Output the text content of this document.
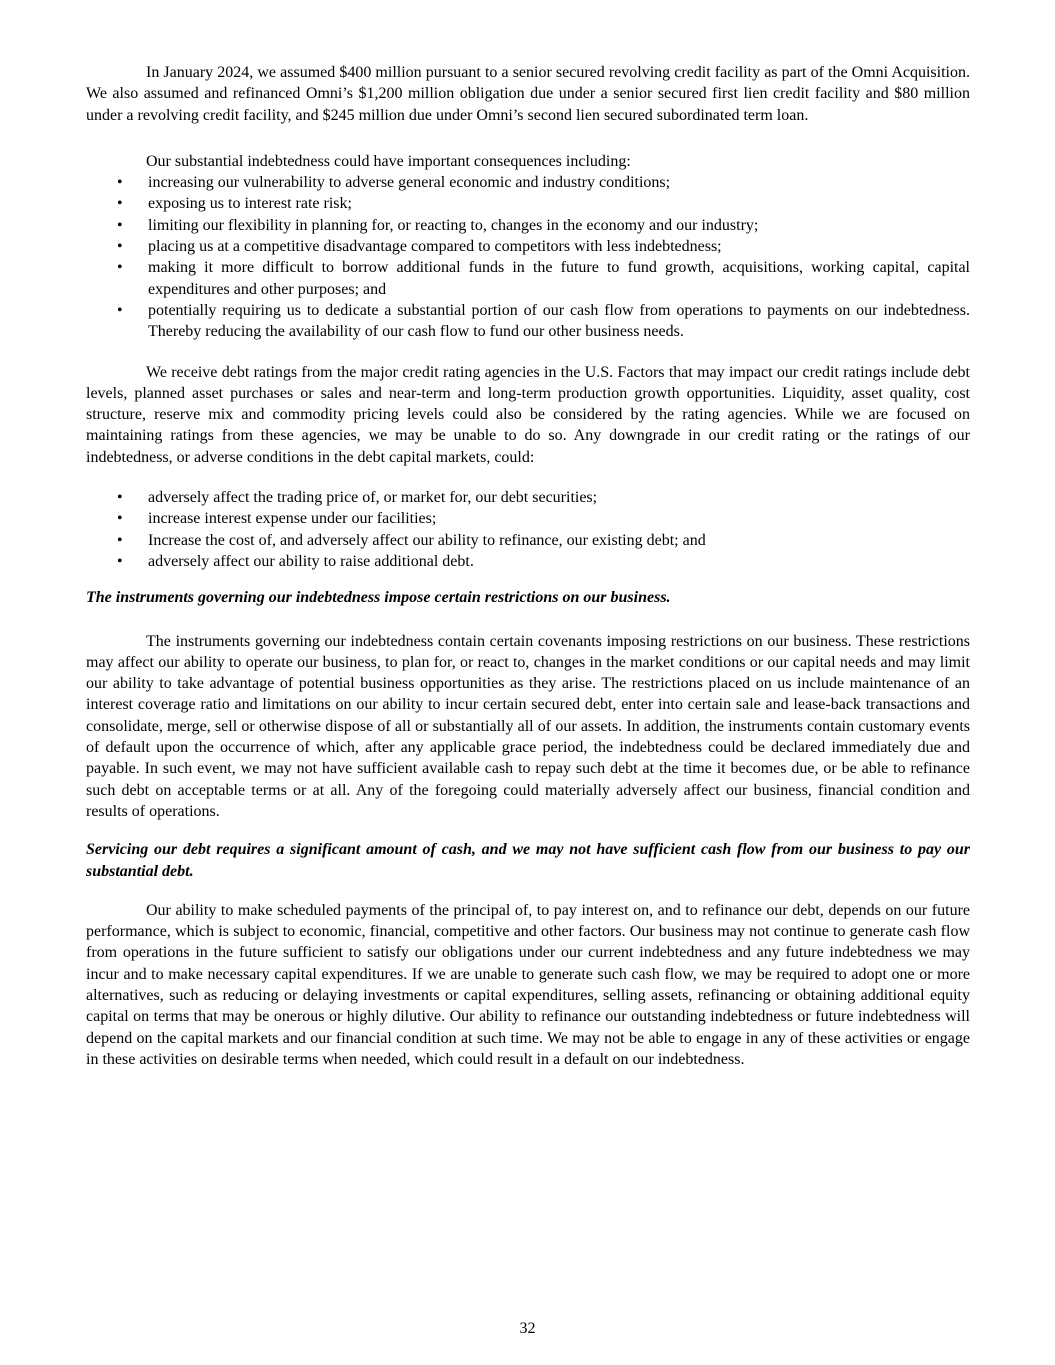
In January 2024, we assumed $400 million pursuant to a senior secured revolving credit facility as part of the Omni Acquisition. We also assumed and refinanced Omni’s $1,200 million obligation due under a senior secured first lien credit facility and $80 million under a revolving credit facility, and $245 million due under Omni’s second lien secured subordinated term loan.

Our substantial indebtedness could have important consequences including:

•	increasing our vulnerability to adverse general economic and industry conditions;
•	exposing us to interest rate risk;
•	limiting our flexibility in planning for, or reacting to, changes in the economy and our industry;
•	placing us at a competitive disadvantage compared to competitors with less indebtedness;
•	making it more difficult to borrow additional funds in the future to fund growth, acquisitions, working capital, capital expenditures and other purposes; and
•	potentially requiring us to dedicate a substantial portion of our cash flow from operations to payments on our indebtedness. Thereby reducing the availability of our cash flow to fund our other business needs.

We receive debt ratings from the major credit rating agencies in the U.S. Factors that may impact our credit ratings include debt levels, planned asset purchases or sales and near-term and long-term production growth opportunities. Liquidity, asset quality, cost structure, reserve mix and commodity pricing levels could also be considered by the rating agencies. While we are focused on maintaining ratings from these agencies, we may be unable to do so. Any downgrade in our credit rating or the ratings of our indebtedness, or adverse conditions in the debt capital markets, could:

•	adversely affect the trading price of, or market for, our debt securities;
•	increase interest expense under our facilities;
•	Increase the cost of, and adversely affect our ability to refinance, our existing debt; and
•	adversely affect our ability to raise additional debt.
The instruments governing our indebtedness impose certain restrictions on our business.

The instruments governing our indebtedness contain certain covenants imposing restrictions on our business. These restrictions may affect our ability to operate our business, to plan for, or react to, changes in the market conditions or our capital needs and may limit our ability to take advantage of potential business opportunities as they arise. The restrictions placed on us include maintenance of an interest coverage ratio and limitations on our ability to incur certain secured debt, enter into certain sale and lease-back transactions and consolidate, merge, sell or otherwise dispose of all or substantially all of our assets. In addition, the instruments contain customary events of default upon the occurrence of which, after any applicable grace period, the indebtedness could be declared immediately due and payable. In such event, we may not have sufficient available cash to repay such debt at the time it becomes due, or be able to refinance such debt on acceptable terms or at all. Any of the foregoing could materially adversely affect our business, financial condition and results of operations.

Servicing our debt requires a significant amount of cash, and we may not have sufficient cash flow from our business to pay our substantial debt.

Our ability to make scheduled payments of the principal of, to pay interest on, and to refinance our debt, depends on our future performance, which is subject to economic, financial, competitive and other factors. Our business may not continue to generate cash flow from operations in the future sufficient to satisfy our obligations under our current indebtedness and any future indebtedness we may incur and to make necessary capital expenditures. If we are unable to generate such cash flow, we may be required to adopt one or more alternatives, such as reducing or delaying investments or capital expenditures, selling assets, refinancing or obtaining additional equity capital on terms that may be onerous or highly dilutive. Our ability to refinance our outstanding indebtedness or future indebtedness will depend on the capital markets and our financial condition at such time. We may not be able to engage in any of these activities or engage in these activities on desirable terms when needed, which could result in a default on our indebtedness.

32
